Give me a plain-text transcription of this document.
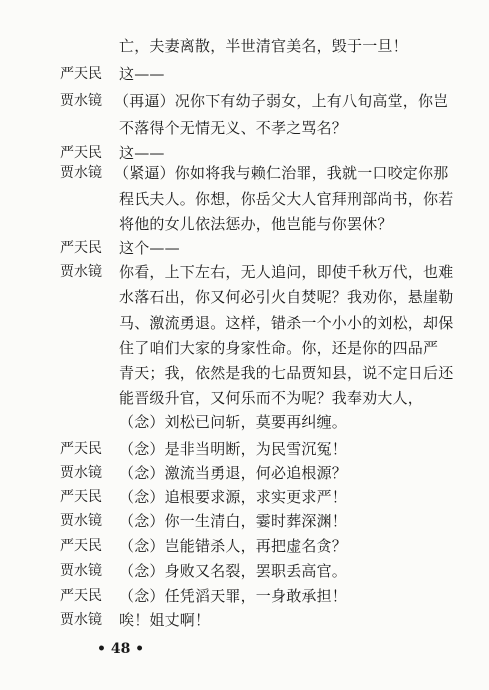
亡，夫妻离散，半世清官美名，毁于一旦！
严天民 这——
贾水镜 （再逼）况你下有幼子弱女，上有八旬高堂，你岂
不落得个无情无义、不孝之骂名？
严天民 这——
贾水镜 （紧逼）你如将我与赖仁治罪，我就一口咬定你那
程氏夫人。你想，你岳父大人官拜刑部尚书，你若
将他的女儿依法惩办，他岂能与你罢休？
严天民 这个——
贾水镜 你看，上下左右，无人追问，即使千秋万代，也难
水落石出，你又何必引火自焚呢？我劝你，悬崖勒
马、激流勇退。这样，错杀一个小小的刘松，却保
住了咱们大家的身家性命。你，还是你的四品严
青天；我，依然是我的七品贾知县，说不定日后还
能晋级升官，又何乐而不为呢？我奉劝大人，
（念）刘松已问斩，莫要再纠缠。
严天民 （念）是非当明断，为民雪沉冤！
贾水镜 （念）激流当勇退，何必追根源？
严天民 （念）追根要求源，求实更求严！
贾水镜 （念）你一生清白，霎时葬深渊！
严天民 （念）岂能错杀人，再把虚名贪？
贾水镜 （念）身败又名裂，罢职丢高官。
严天民 （念）任凭滔天罪，一身敢承担！
贾水镜 唉！姐丈啊！
• 48 •
